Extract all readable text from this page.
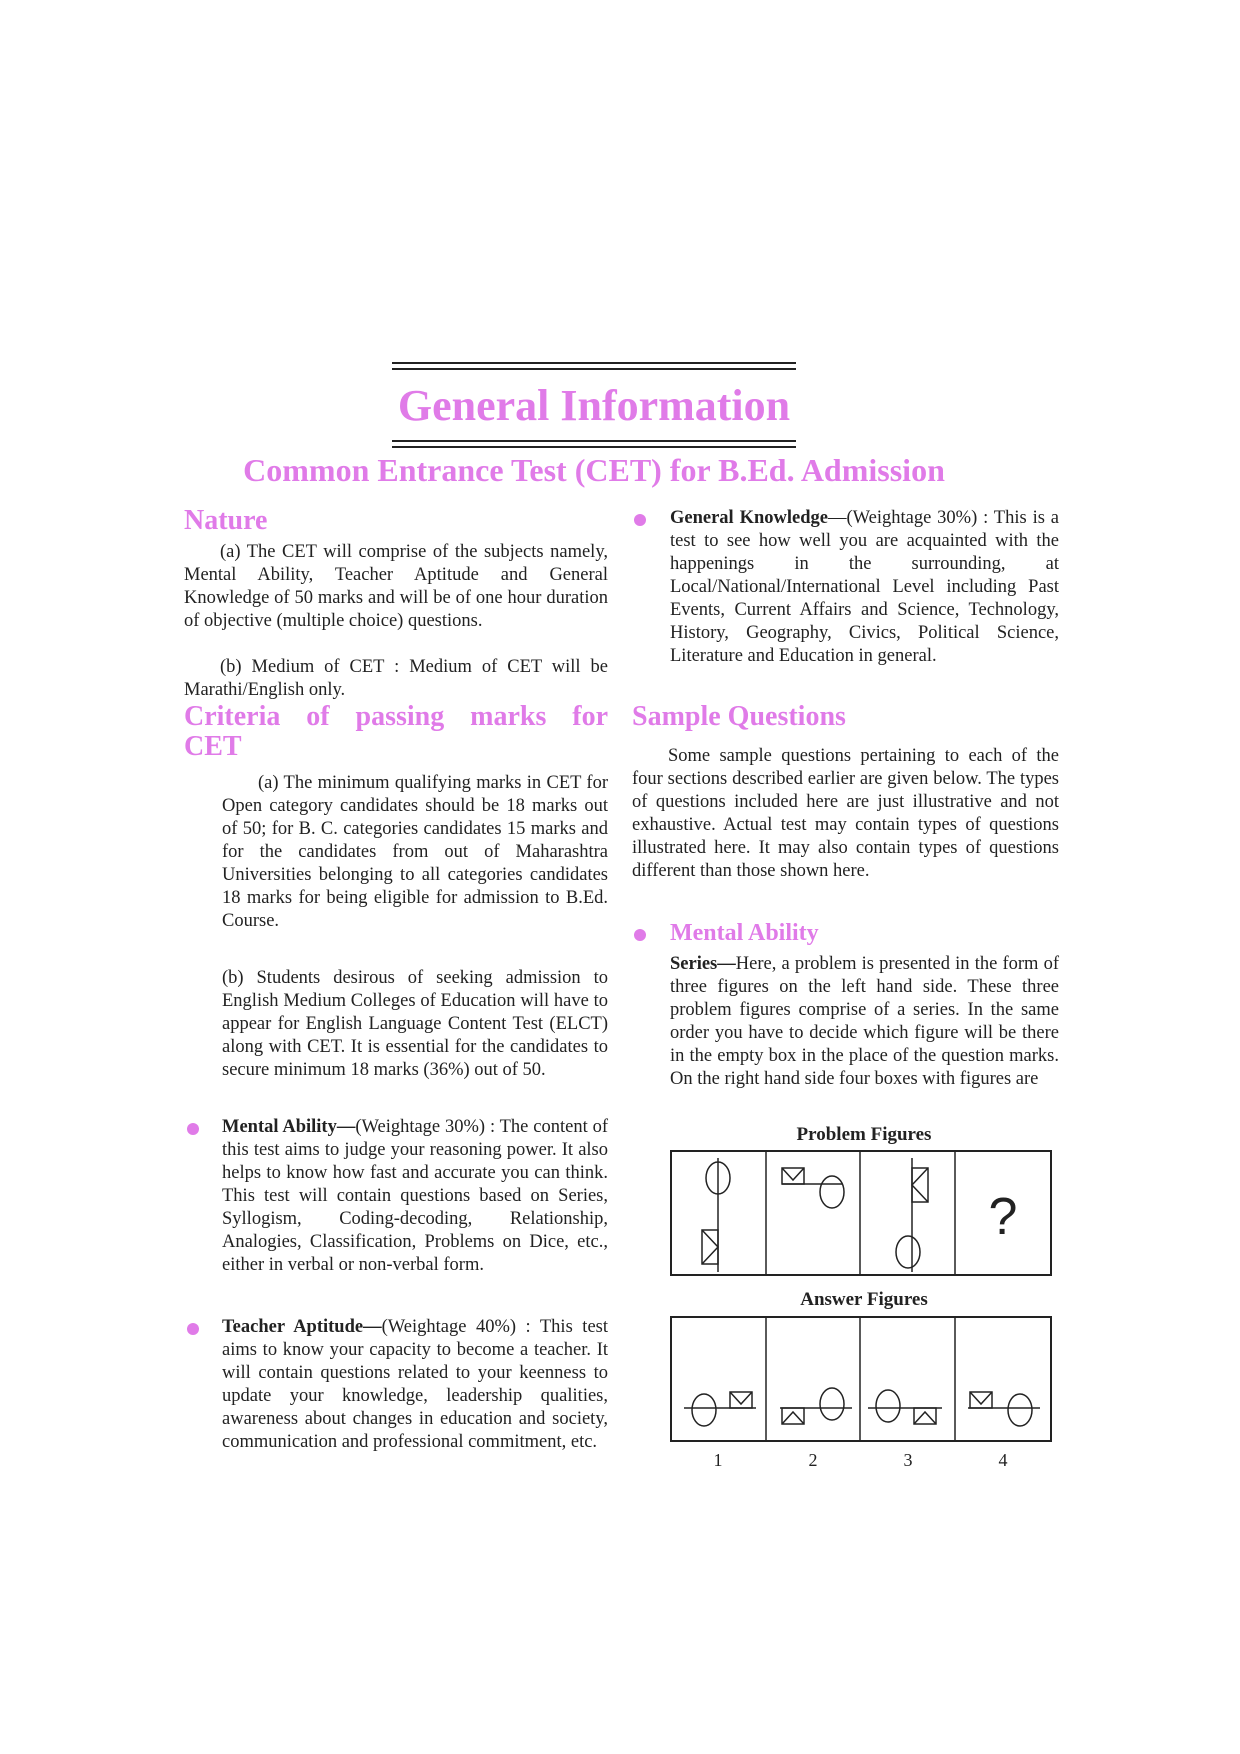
General Information
Common Entrance Test (CET) for B.Ed. Admission
Nature

(a) The CET will comprise of the subjects namely, Mental Ability, Teacher Aptitude and General Knowledge of 50 marks and will be of one hour duration of objective (multiple choice) questions.

(b) Medium of CET : Medium of CET will be Marathi/English only.

Criteria of passing marks for CET

(a) The minimum qualifying marks in CET for Open category candidates should be 18 marks out of 50; for B. C. categories candidates 15 marks and for the candidates from out of Maharashtra Universities belonging to all categories candidates 18 marks for being eligible for admission to B.Ed. Course.

(b) Students desirous of seeking admission to English Medium Colleges of Education will have to appear for English Language Content Test (ELCT) along with CET. It is essential for the candidates to secure minimum 18 marks (36%) out of 50.

Mental Ability—(Weightage 30%) : The content of this test aims to judge your reasoning power. It also helps to know how fast and accurate you can think. This test will contain questions based on Series, Syllogism, Coding-decoding, Relationship, Analogies, Classification, Problems on Dice, etc., either in verbal or non-verbal form.

Teacher Aptitude—(Weightage 40%) : This test aims to know your capacity to become a teacher. It will contain questions related to your keenness to update your knowledge, leadership qualities, awareness about changes in education and society, communication and professional commitment, etc.

General Knowledge—(Weightage 30%) : This is a test to see how well you are acquainted with the happenings in the surrounding, at Local/National/International Level including Past Events, Current Affairs and Science, Technology, History, Geography, Civics, Political Science, Literature and Education in general.

Sample Questions

Some sample questions pertaining to each of the four sections described earlier are given below. The types of questions included here are just illustrative and not exhaustive. Actual test may contain types of questions illustrated here. It may also contain types of questions different than those shown here.

Mental Ability

Series—Here, a problem is presented in the form of three figures on the left hand side. These three problem figures comprise of a series. In the same order you have to decide which figure will be there in the empty box in the place of the question marks. On the right hand side four boxes with figures are

Problem Figures
?
Answer Figures
1	2	3	4
